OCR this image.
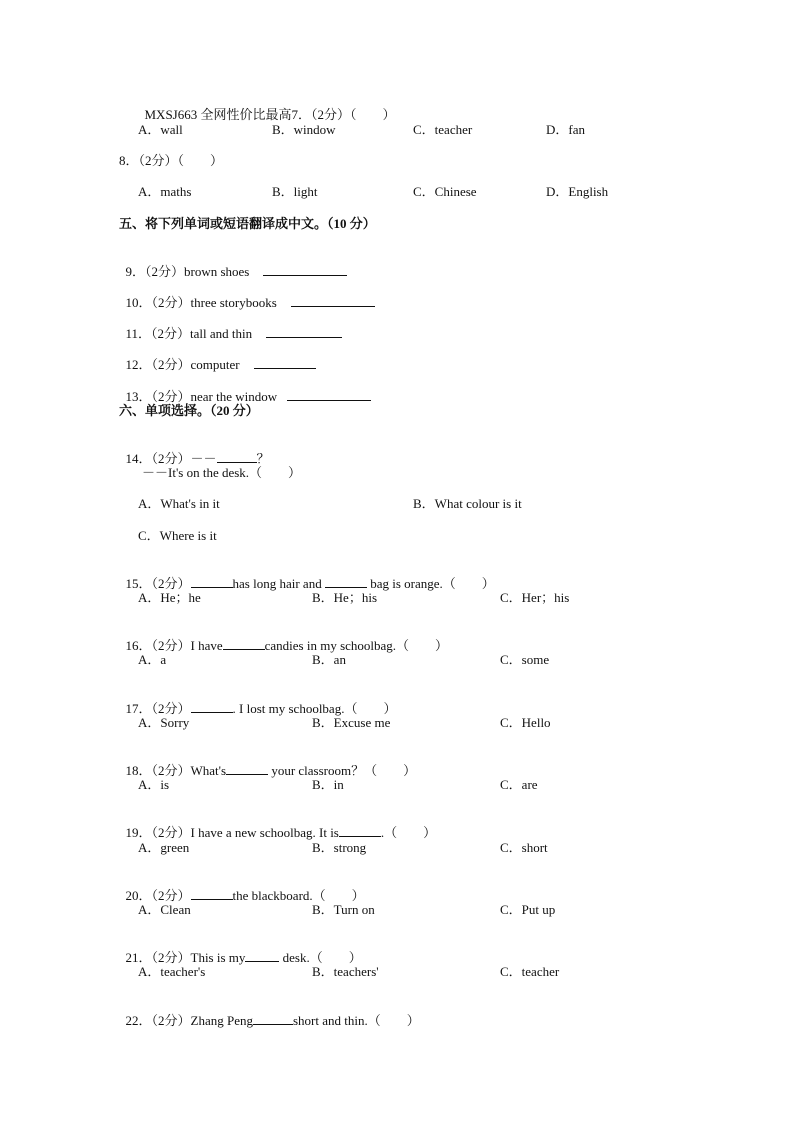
MXSJ663 全网性价比最高7．（2分）（　　）

A．wall	B．window	C．teacher	D．fan
8．（2分）（　　）
A．maths	B．light	C．Chinese	D．English
五、将下列单词或短语翻译成中文。（10 分）

9．（2分）brown shoes

10．（2分）three storybooks

11．（2分）tall and thin

12．（2分）computer

13．（2分）near the window

六、单项选择。（20 分）

14．（2分）－－	？

－－It's on the desk.（　　）
A．What's in it	B．What colour is it
C．Where is it

15．（2分）	has long hair and	bag is orange.（　　）

A．He；he	B．He；his	C．Her；his

16．（2分）I have	candies in my schoolbag.（　　）

A．a	B．an	C．some

17．（2分）	. I lost my schoolbag.（　　）

A．Sorry	B．Excuse me	C．Hello

18．（2分）What's	your classroom？（　　）

A．is	B．in	C．are

19．（2分）I have a new schoolbag. It is	.（　　）

A．green	B．strong	C．short

20．（2分）	the blackboard.（　　）

A．Clean	B．Turn on	C．Put up

21．（2分）This is my	desk.（　　）

A．teacher's	B．teachers'	C．teacher

22．（2分）Zhang Peng	short and thin.（　　）
